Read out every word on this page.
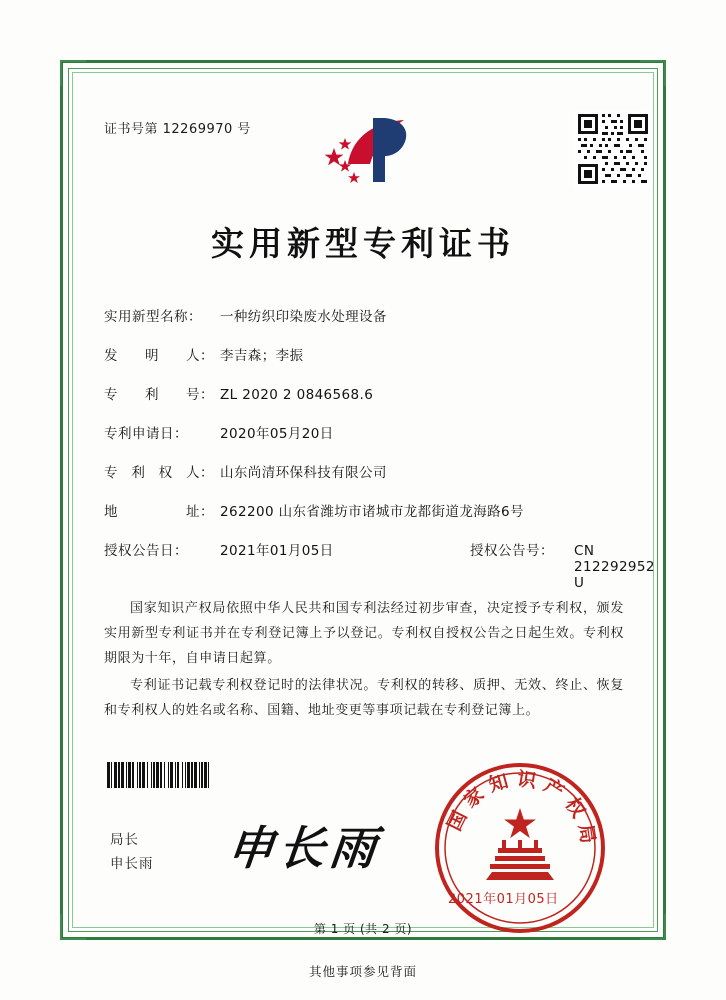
证书号第 12269970 号
实用新型专利证书
实用新型名称：	一种纺织印染废水处理设备
发 明 人： 李吉森；李振
专 利 号： ZL 2020 2 0846568.6
专利申请日：	2020年05月20日
专 利 权 人： 山东尚清环保科技有限公司
地	址： 262200 山东省潍坊市诸城市龙都街道龙海路6号
授权公告日：	2021年01月05日	授权公告号：	CN 212292952 U

国家知识产权局依照中华人民共和国专利法经过初步审查，决定授予专利权，颁发实用新型专利证书并在专利登记簿上予以登记。专利权自授权公告之日起生效。专利权期限为十年，自申请日起算。

专利证书记载专利权登记时的法律状况。专利权的转移、质押、无效、终止、恢复和专利权人的姓名或名称、国籍、地址变更等事项记载在专利登记簿上。

局长
申长雨 申长雨
国家知识产权局
2021年01月05日
第 1 页 (共 2 页)
其他事项参见背面
